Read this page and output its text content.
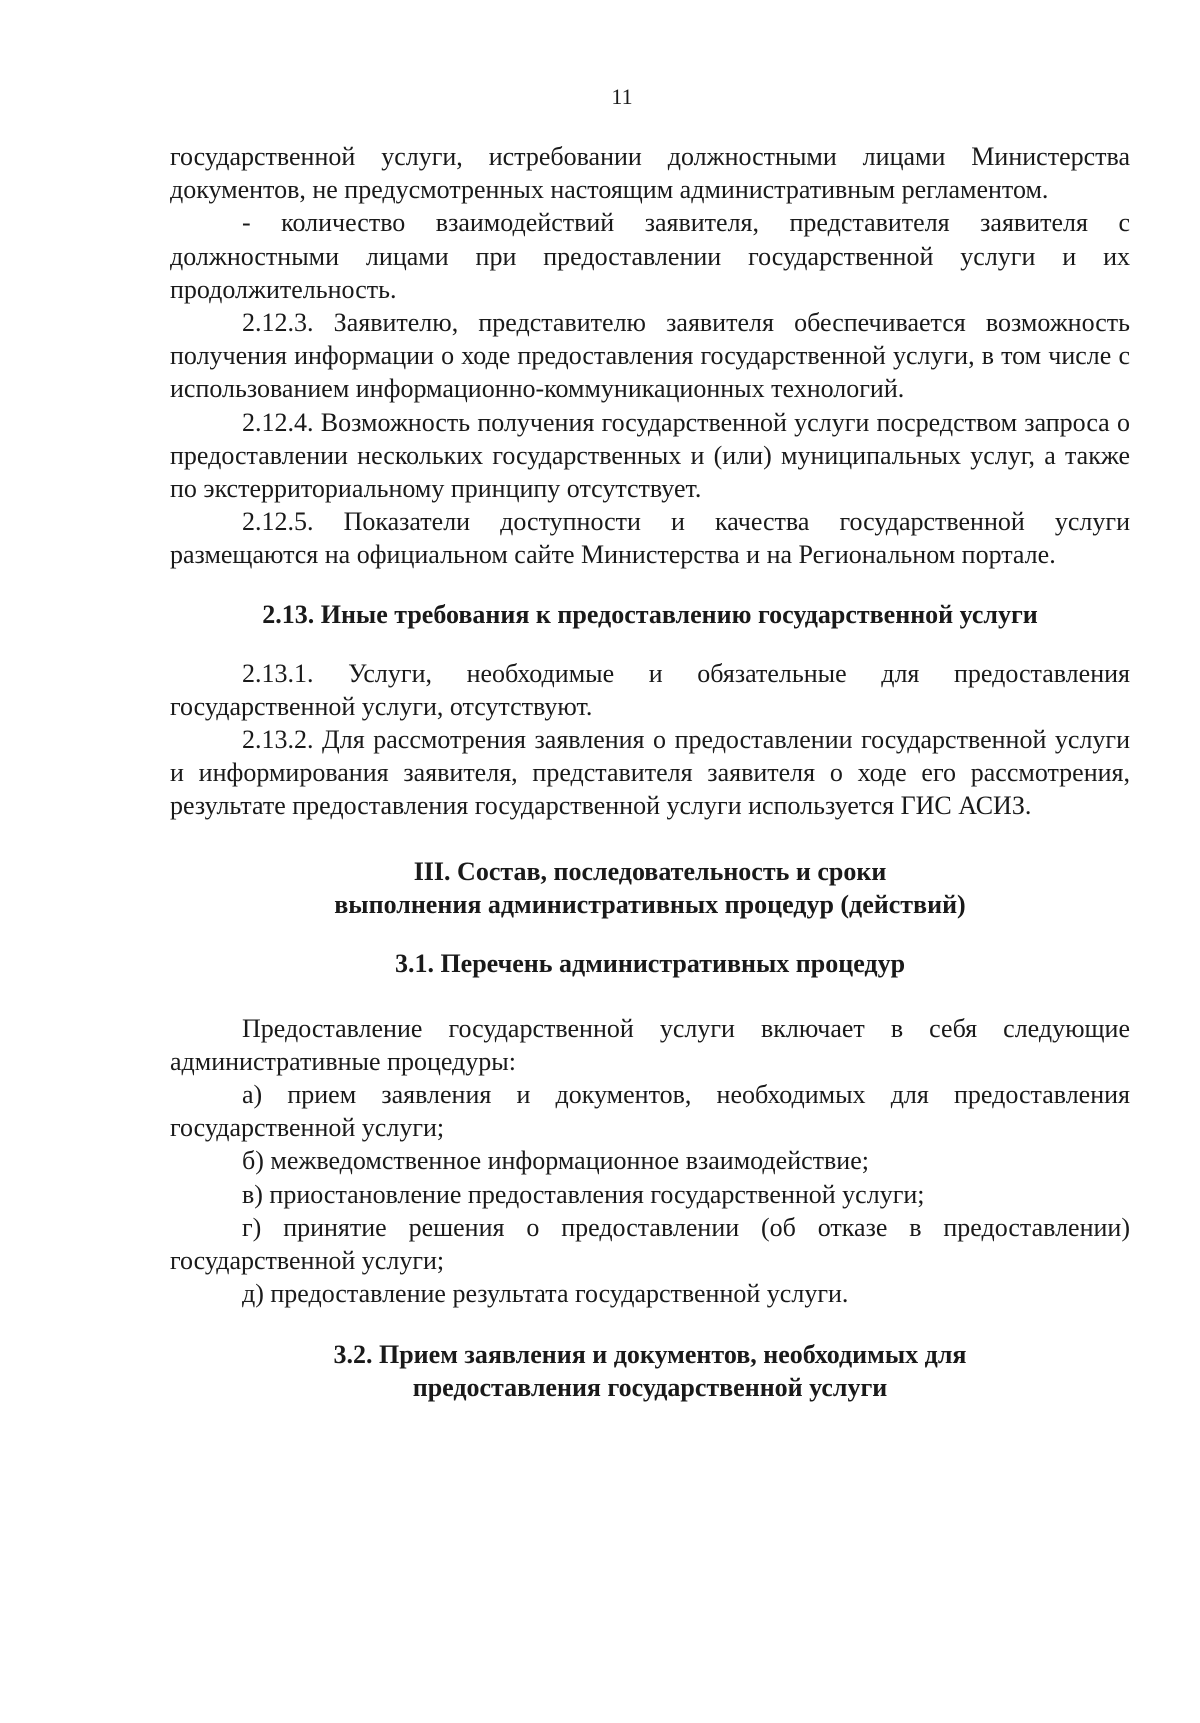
11

государственной услуги, истребовании должностными лицами Министерства документов, не предусмотренных настоящим административным регламентом.

- количество взаимодействий заявителя, представителя заявителя с должностными лицами при предоставлении государственной услуги и их продолжительность.

2.12.3. Заявителю, представителю заявителя обеспечивается возможность получения информации о ходе предоставления государственной услуги, в том числе с использованием информационно-коммуникационных технологий.

2.12.4. Возможность получения государственной услуги посредством запроса о предоставлении нескольких государственных и (или) муниципальных услуг, а также по экстерриториальному принципу отсутствует.

2.12.5. Показатели доступности и качества государственной услуги размещаются на официальном сайте Министерства и на Региональном портале.

2.13. Иные требования к предоставлению государственной услуги

2.13.1. Услуги, необходимые и обязательные для предоставления государственной услуги, отсутствуют.

2.13.2. Для рассмотрения заявления о предоставлении государственной услуги и информирования заявителя, представителя заявителя о ходе его рассмотрения, результате предоставления государственной услуги используется ГИС АСИЗ.

III. Состав, последовательность и сроки
выполнения административных процедур (действий)
3.1. Перечень административных процедур

Предоставление государственной услуги включает в себя следующие административные процедуры:

а) прием заявления и документов, необходимых для предоставления государственной услуги;

б) межведомственное информационное взаимодействие;

в) приостановление предоставления государственной услуги;

г) принятие решения о предоставлении (об отказе в предоставлении) государственной услуги;

д) предоставление результата государственной услуги.

3.2. Прием заявления и документов, необходимых для
предоставления государственной услуги
